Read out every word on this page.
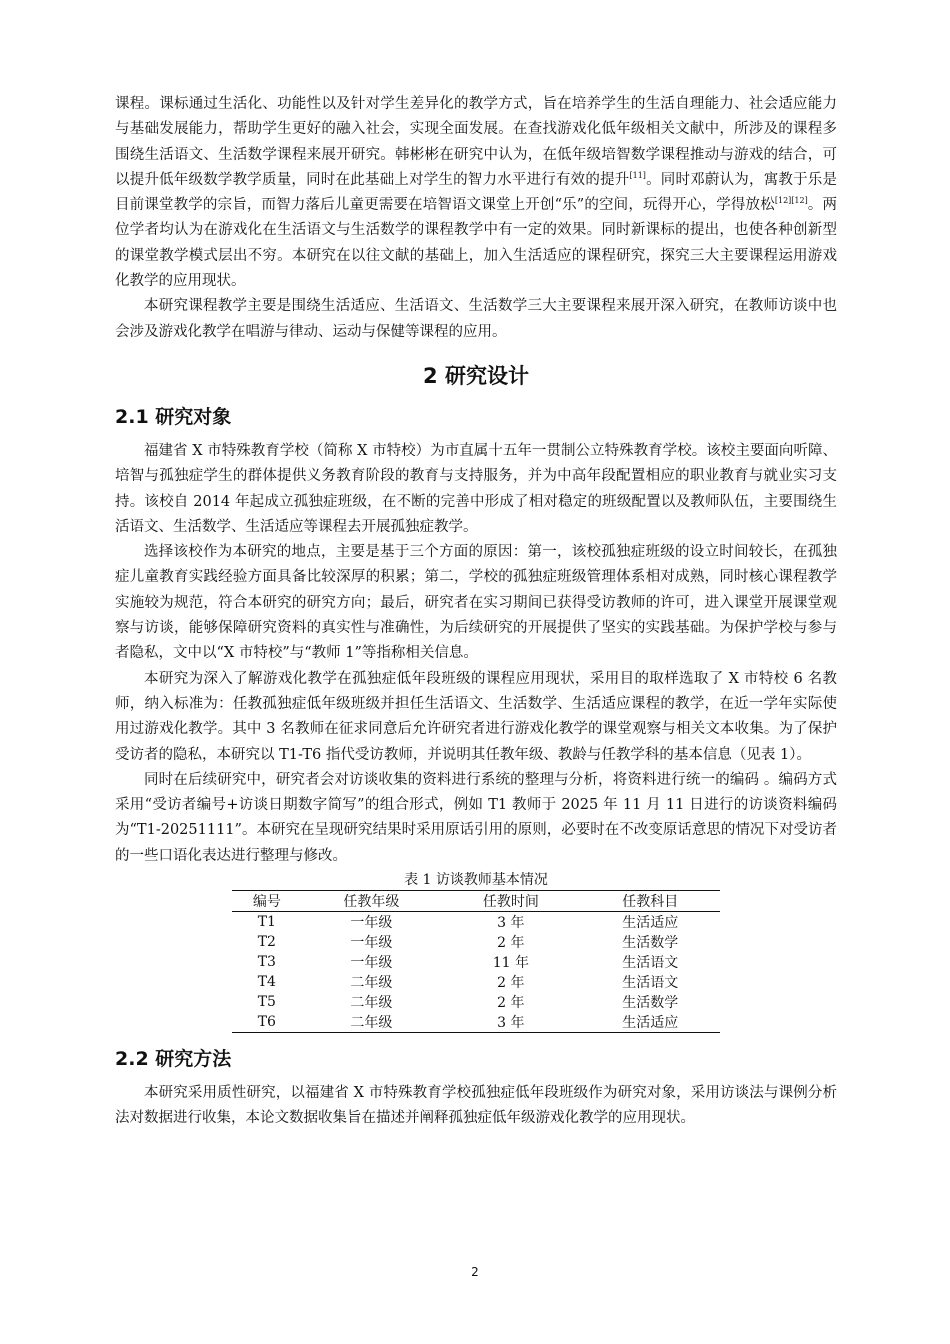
课程。课标通过生活化、功能性以及针对学生差异化的教学方式，旨在培养学生的生活自理能力、社会适应能力与基础发展能力，帮助学生更好的融入社会，实现全面发展。在查找游戏化低年级相关文献中，所涉及的课程多围绕生活语文、生活数学课程来展开研究。韩彬彬在研究中认为，在低年级培智数学课程推动与游戏的结合，可以提升低年级数学教学质量，同时在此基础上对学生的智力水平进行有效的提升[11]。同时邓蔚认为，寓教于乐是目前课堂教学的宗旨，而智力落后儿童更需要在培智语文课堂上开创“乐”的空间，玩得开心，学得放松[12][12]。两位学者均认为在游戏化在生活语文与生活数学的课程教学中有一定的效果。同时新课标的提出，也使各种创新型的课堂教学模式层出不穷。本研究在以往文献的基础上，加入生活适应的课程研究，探究三大主要课程运用游戏化教学的应用现状。

本研究课程教学主要是围绕生活适应、生活语文、生活数学三大主要课程来展开深入研究，在教师访谈中也会涉及游戏化教学在唱游与律动、运动与保健等课程的应用。

2 研究设计
2.1 研究对象

福建省 X 市特殊教育学校（简称 X 市特校）为市直属十五年一贯制公立特殊教育学校。该校主要面向听障、培智与孤独症学生的群体提供义务教育阶段的教育与支持服务，并为中高年段配置相应的职业教育与就业实习支持。该校自 2014 年起成立孤独症班级，在不断的完善中形成了相对稳定的班级配置以及教师队伍，主要围绕生活语文、生活数学、生活适应等课程去开展孤独症教学。

选择该校作为本研究的地点，主要是基于三个方面的原因：第一，该校孤独症班级的设立时间较长，在孤独症儿童教育实践经验方面具备比较深厚的积累；第二，学校的孤独症班级管理体系相对成熟，同时核心课程教学实施较为规范，符合本研究的研究方向；最后，研究者在实习期间已获得受访教师的许可，进入课堂开展课堂观察与访谈，能够保障研究资料的真实性与准确性，为后续研究的开展提供了坚实的实践基础。为保护学校与参与者隐私，文中以“X 市特校”与“教师 1”等指称相关信息。

本研究为深入了解游戏化教学在孤独症低年段班级的课程应用现状，采用目的取样选取了 X 市特校 6 名教师，纳入标准为：任教孤独症低年级班级并担任生活语文、生活数学、生活适应课程的教学，在近一学年实际使用过游戏化教学。其中 3 名教师在征求同意后允许研究者进行游戏化教学的课堂观察与相关文本收集。为了保护受访者的隐私，本研究以 T1-T6 指代受访教师，并说明其任教年级、教龄与任教学科的基本信息（见表 1）。

同时在后续研究中，研究者会对访谈收集的资料进行系统的整理与分析，将资料进行统一的编码 。编码方式采用“受访者编号+访谈日期数字简写”的组合形式，例如 T1 教师于 2025 年 11 月 11 日进行的访谈资料编码为“T1-20251111”。本研究在呈现研究结果时采用原话引用的原则，必要时在不改变原话意思的情况下对受访者的一些口语化表达进行整理与修改。

表 1 访谈教师基本情况
编号	任教年级	任教时间	任教科目
T1	一年级	3 年	生活适应
T2	一年级	2 年	生活数学
T3	一年级	11 年	生活语文
T4	二年级	2 年	生活语文
T5	二年级	2 年	生活数学
T6	二年级	3 年	生活适应
2.2 研究方法

本研究采用质性研究，以福建省 X 市特殊教育学校孤独症低年段班级作为研究对象，采用访谈法与课例分析法对数据进行收集，本论文数据收集旨在描述并阐释孤独症低年级游戏化教学的应用现状。

2
